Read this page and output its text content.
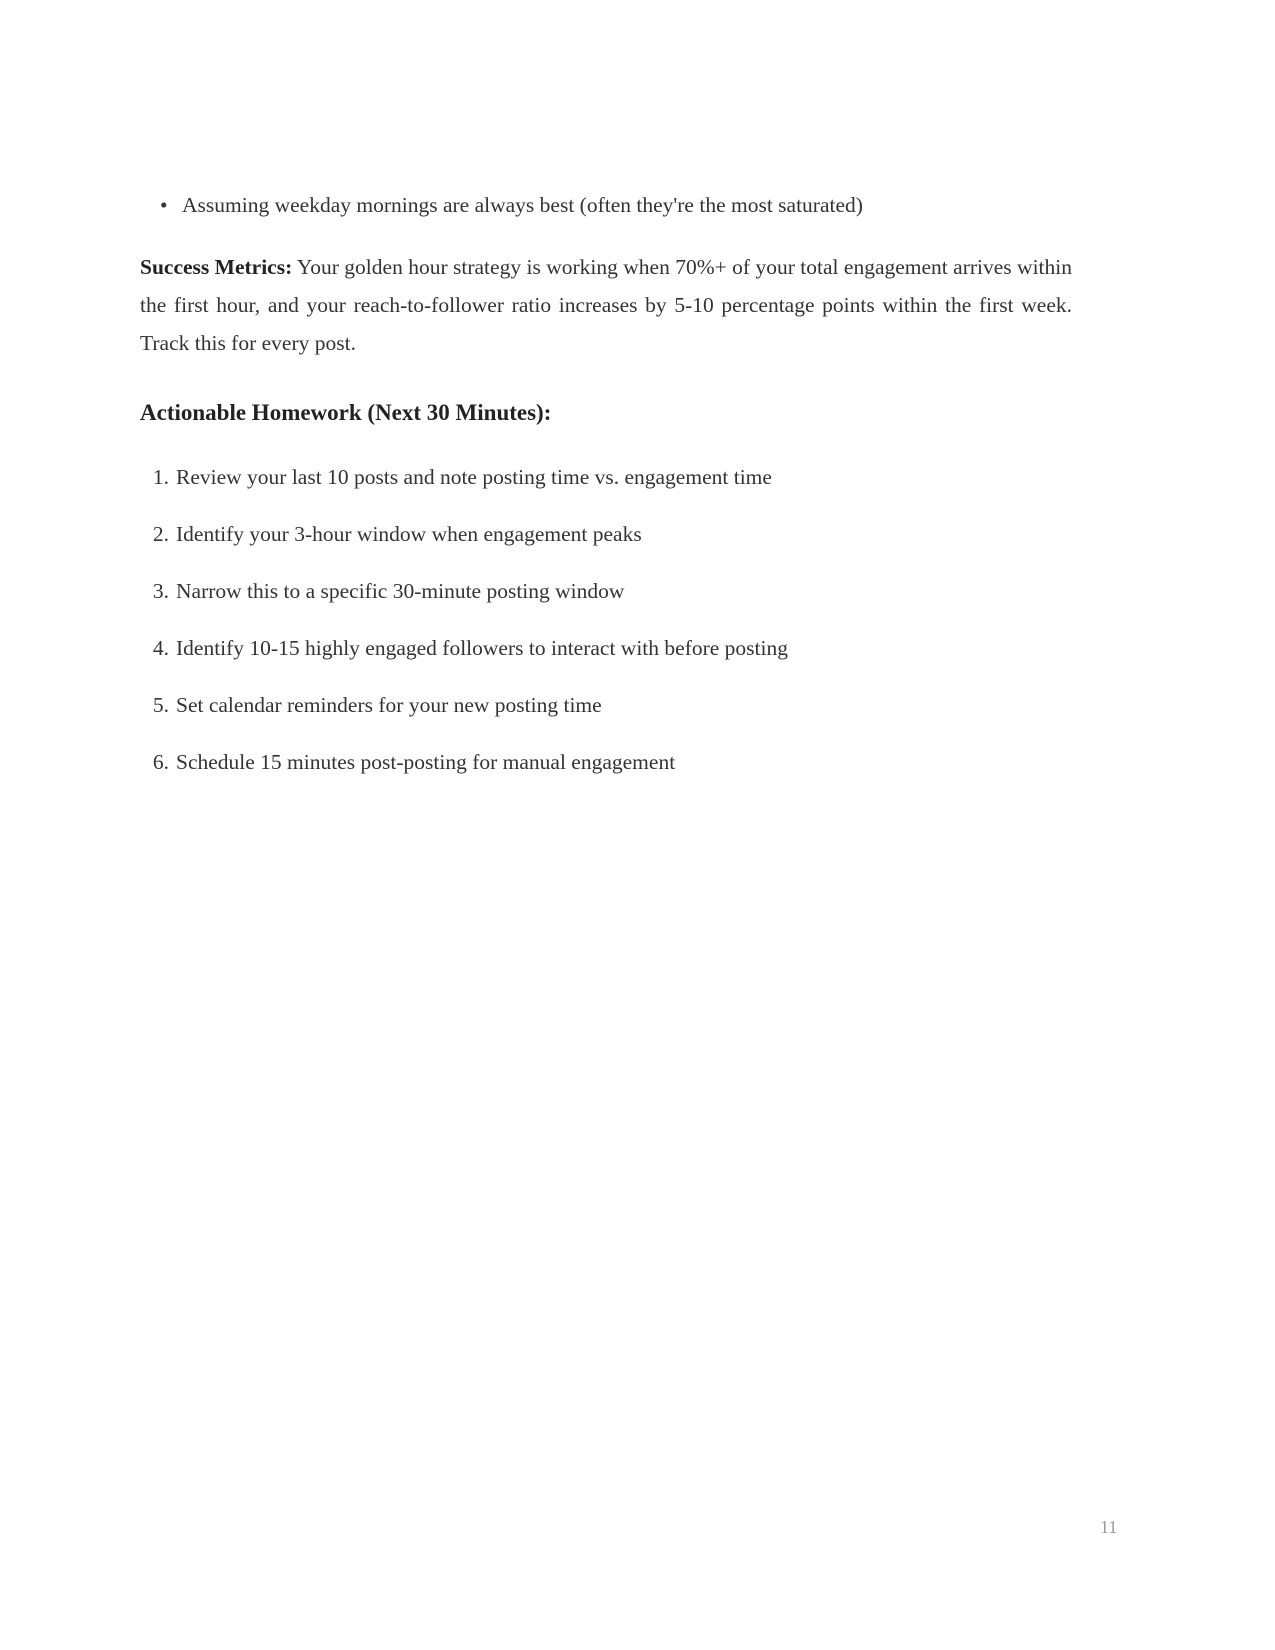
• Assuming weekday mornings are always best (often they're the most saturated)

Success Metrics: Your golden hour strategy is working when 70%+ of your total engagement arrives within the first hour, and your reach-to-follower ratio increases by 5-10 percentage points within the first week. Track this for every post.

Actionable Homework (Next 30 Minutes):
1. Review your last 10 posts and note posting time vs. engagement time
2. Identify your 3-hour window when engagement peaks
3. Narrow this to a specific 30-minute posting window
4. Identify 10-15 highly engaged followers to interact with before posting
5. Set calendar reminders for your new posting time
6. Schedule 15 minutes post-posting for manual engagement
11
